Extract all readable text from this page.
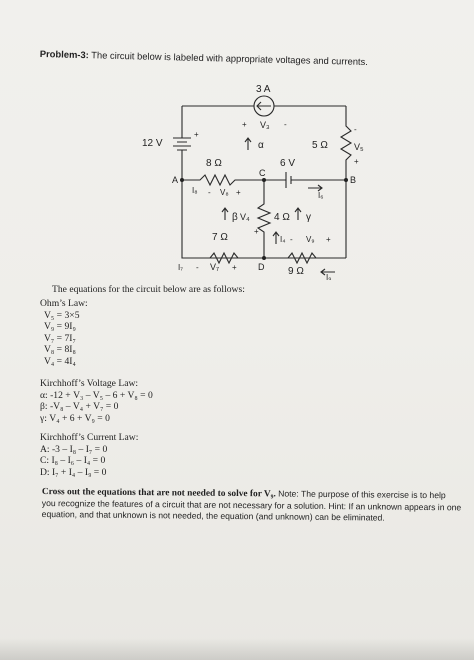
Problem-3: The circuit below is labeled with appropriate voltages and currents.
3 A
+ V₃ -
12 V
+
α	5 Ω	V₅
-
+
8 Ω	6 V
C
A	B
I₈ - V₈ +	I₆
β V₄ 4 Ω γ
+
7 Ω	I₄ - V₉ +
D
I₇ - V₇ +	9 Ω
I₉
The equations for the circuit below are as follows:
Ohm’s Law:
V₅ = 3×5
V₉ = 9I₉
V₇ = 7I₇
V₈ = 8I₈
V₄ = 4I₄
Kirchhoff’s Voltage Law:
α: -12 + V₃ – V₅ – 6 + V₈ = 0
β: -V₈ – V₄ + V₇ = 0
γ: V₄ + 6 + V₉ = 0
Kirchhoff’s Current Law:
A: -3 – I₈ – I₇ = 0
C: I₈ – I₆ – I₄ = 0
D: I₇ + I₄ – I₉ = 0
Cross out the equations that are not needed to solve for V₉. Note: The purpose of this exercise is to help you recognize the features of a circuit that are not necessary for a solution. Hint: If an unknown appears in one equation, and that unknown is not needed, the equation (and unknown) can be eliminated.
